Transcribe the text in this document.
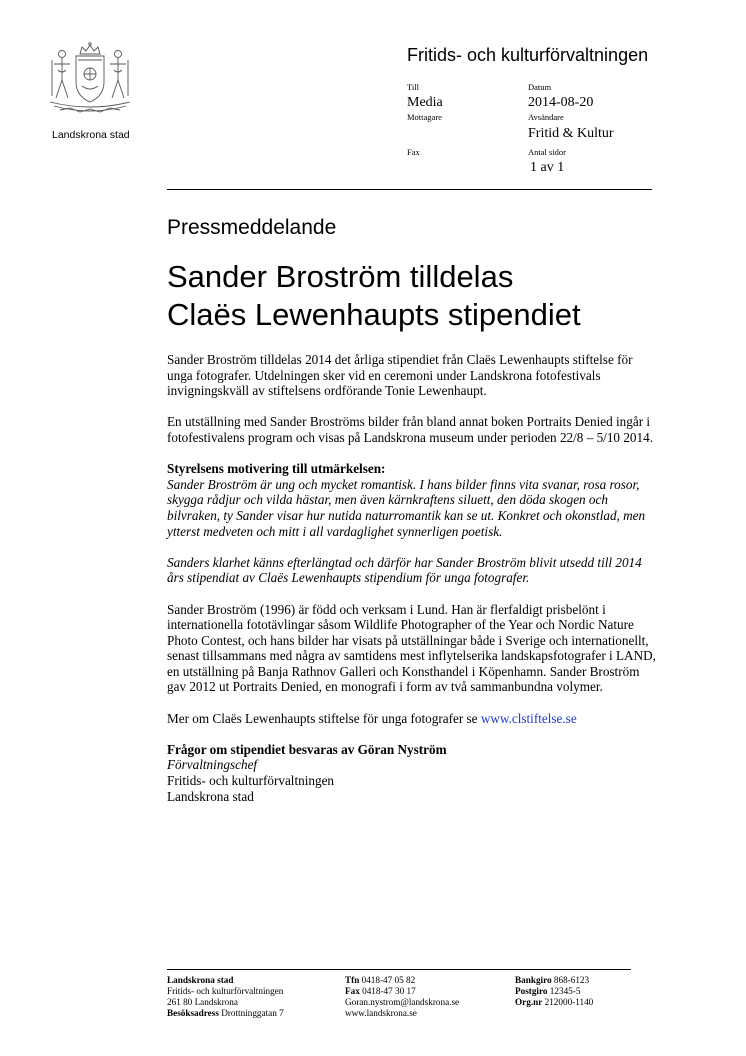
Landskrona stad
Fritids- och kulturförvaltningen
Till
Media
Mottagare
Fax
Datum
2014-08-20
Avsändare
Fritid & Kultur
Antal sidor
1 av 1
Pressmeddelande
Sander Broström tilldelas
Claës Lewenhaupts stipendiet

Sander Broström tilldelas 2014 det årliga stipendiet från Claës Lewenhaupts stiftelse för unga fotografer. Utdelningen sker vid en ceremoni under Landskrona fotofestivals invigningskväll av stiftelsens ordförande Tonie Lewenhaupt.

En utställning med Sander Broströms bilder från bland annat boken Portraits Denied ingår i fotofestivalens program och visas på Landskrona museum under perioden 22/8 – 5/10 2014.

Styrelsens motivering till utmärkelsen:

Sander Broström är ung och mycket romantisk. I hans bilder finns vita svanar, rosa rosor, skygga rådjur och vilda hästar, men även kärnkraftens siluett, den döda skogen och bilvraken, ty Sander visar hur nutida naturromantik kan se ut. Konkret och okonstlad, men ytterst medveten och mitt i all vardaglighet synnerligen poetisk.

Sanders klarhet känns efterlängtad och därför har Sander Broström blivit utsedd till 2014 års stipendiat av Claës Lewenhaupts stipendium för unga fotografer.

Sander Broström (1996) är född och verksam i Lund. Han är flerfaldigt prisbelönt i internationella fototävlingar såsom Wildlife Photographer of the Year och Nordic Nature Photo Contest, och hans bilder har visats på utställningar både i Sverige och internationellt, senast tillsammans med några av samtidens mest inflytelserika landskapsfotografer i LAND, en utställning på Banja Rathnov Galleri och Konsthandel i Köpenhamn. Sander Broström gav 2012 ut Portraits Denied, en monografi i form av två sammanbundna volymer.

Mer om Claës Lewenhaupts stiftelse för unga fotografer se www.clstiftelse.se

Frågor om stipendiet besvaras av Göran Nyström
Förvaltningschef
Fritids- och kulturförvaltningen
Landskrona stad
Landskrona stad
Fritids- och kulturförvaltningen
261 80 Landskrona
Besöksadress Drottninggatan 7
Tfn 0418-47 05 82
Fax 0418-47 30 17
Goran.nystrom@landskrona.se
www.landskrona.se
Bankgiro 868-6123
Postgiro 12345-5
Org.nr 212000-1140
